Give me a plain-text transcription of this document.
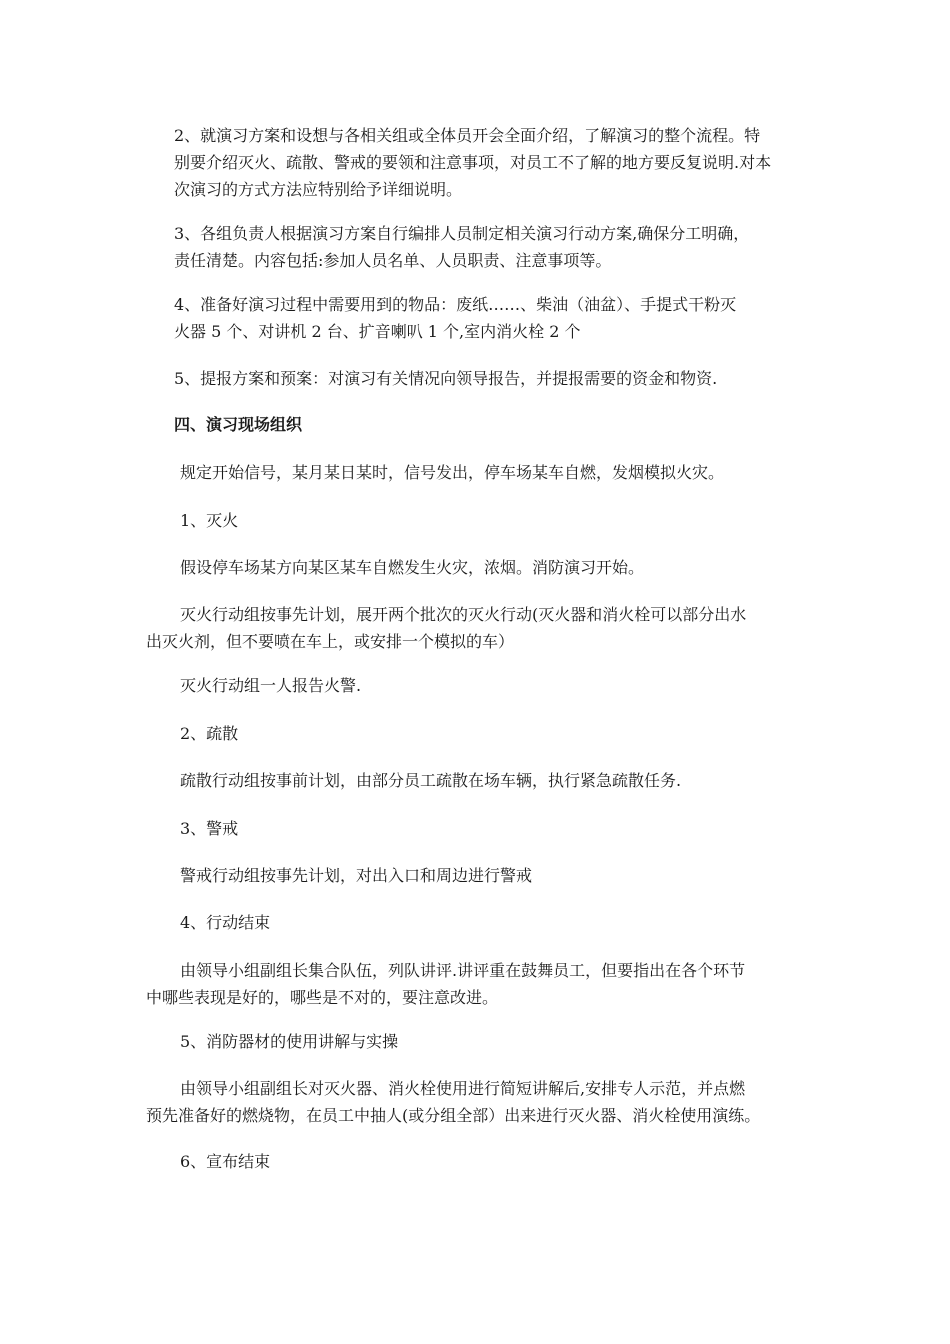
2、就演习方案和设想与各相关组或全体员开会全面介绍，了解演习的整个流程。特
别要介绍灭火、疏散、警戒的要领和注意事项，对员工不了解的地方要反复说明.对本
次演习的方式方法应特别给予详细说明。

3、各组负责人根据演习方案自行编排人员制定相关演习行动方案,确保分工明确，
责任清楚。内容包括:参加人员名单、人员职责、注意事项等。

4、准备好演习过程中需要用到的物品：废纸……、柴油（油盆）、手提式干粉灭
火器 5 个、对讲机 2 台、扩音喇叭 1 个,室内消火栓 2 个

5、提报方案和预案：对演习有关情况向领导报告，并提报需要的资金和物资.

四、演习现场组织

规定开始信号，某月某日某时，信号发出，停车场某车自燃，发烟模拟火灾。

1、灭火

假设停车场某方向某区某车自燃发生火灾，浓烟。消防演习开始。

灭火行动组按事先计划，展开两个批次的灭火行动(灭火器和消火栓可以部分出水
出灭火剂，但不要喷在车上，或安排一个模拟的车）

灭火行动组一人报告火警.

2、疏散

疏散行动组按事前计划，由部分员工疏散在场车辆，执行紧急疏散任务.

3、警戒

警戒行动组按事先计划，对出入口和周边进行警戒

4、行动结束

由领导小组副组长集合队伍，列队讲评.讲评重在鼓舞员工，但要指出在各个环节
中哪些表现是好的，哪些是不对的，要注意改进。

5、消防器材的使用讲解与实操

由领导小组副组长对灭火器、消火栓使用进行简短讲解后,安排专人示范，并点燃
预先准备好的燃烧物，在员工中抽人(或分组全部）出来进行灭火器、消火栓使用演练。

6、宣布结束
